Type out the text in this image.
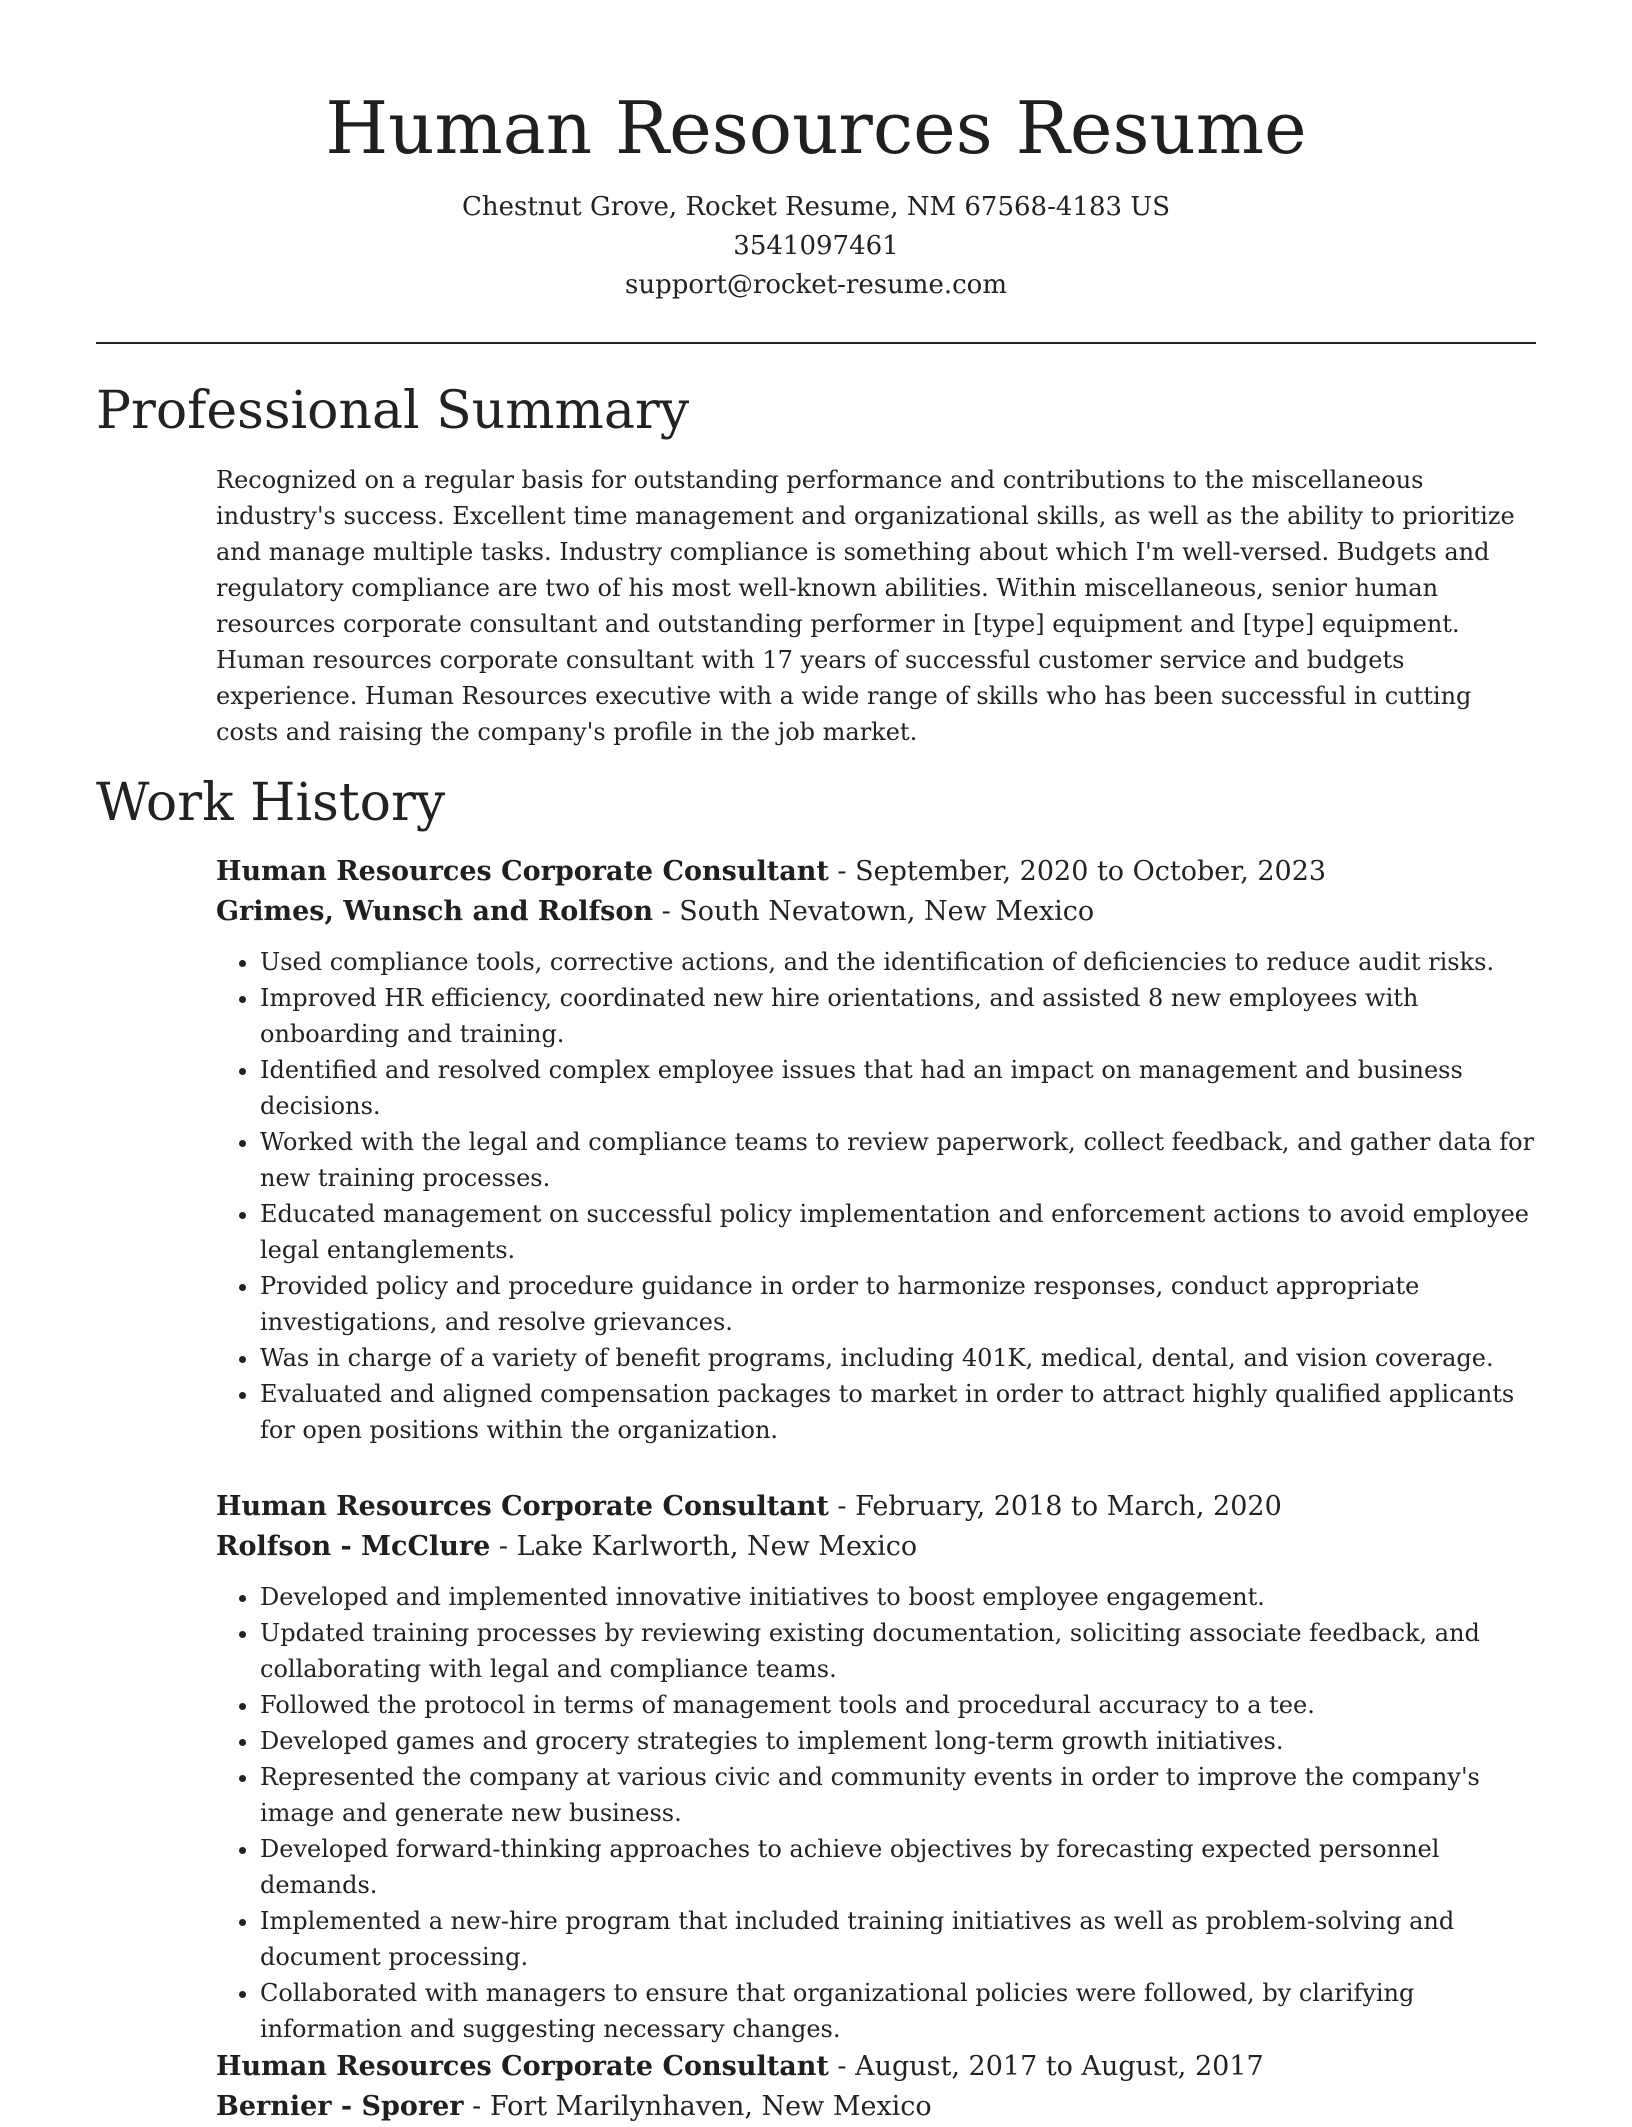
Human Resources Resume
Chestnut Grove, Rocket Resume, NM 67568-4183 US
3541097461
support@rocket-resume.com
Professional Summary

Recognized on a regular basis for outstanding performance and contributions to the miscellaneous industry's success. Excellent time management and organizational skills, as well as the ability to prioritize and manage multiple tasks. Industry compliance is something about which I'm well-versed. Budgets and regulatory compliance are two of his most well-known abilities. Within miscellaneous, senior human resources corporate consultant and outstanding performer in [type] equipment and [type] equipment. Human resources corporate consultant with 17 years of successful customer service and budgets experience. Human Resources executive with a wide range of skills who has been successful in cutting costs and raising the company's profile in the job market.

Work History
Human Resources Corporate Consultant - September, 2020 to October, 2023
Grimes, Wunsch and Rolfson - South Nevatown, New Mexico
• Used compliance tools, corrective actions, and the identification of deficiencies to reduce audit risks.
• Improved HR efficiency, coordinated new hire orientations, and assisted 8 new employees with onboarding and training.
• Identified and resolved complex employee issues that had an impact on management and business decisions.
• Worked with the legal and compliance teams to review paperwork, collect feedback, and gather data for new training processes.
• Educated management on successful policy implementation and enforcement actions to avoid employee legal entanglements.
• Provided policy and procedure guidance in order to harmonize responses, conduct appropriate investigations, and resolve grievances.
• Was in charge of a variety of benefit programs, including 401K, medical, dental, and vision coverage.
• Evaluated and aligned compensation packages to market in order to attract highly qualified applicants for open positions within the organization.
Human Resources Corporate Consultant - February, 2018 to March, 2020
Rolfson - McClure - Lake Karlworth, New Mexico
• Developed and implemented innovative initiatives to boost employee engagement.
• Updated training processes by reviewing existing documentation, soliciting associate feedback, and collaborating with legal and compliance teams.
• Followed the protocol in terms of management tools and procedural accuracy to a tee.
• Developed games and grocery strategies to implement long-term growth initiatives.
• Represented the company at various civic and community events in order to improve the company's image and generate new business.
• Developed forward-thinking approaches to achieve objectives by forecasting expected personnel demands.
• Implemented a new-hire program that included training initiatives as well as problem-solving and document processing.
• Collaborated with managers to ensure that organizational policies were followed, by clarifying information and suggesting necessary changes.
Human Resources Corporate Consultant - August, 2017 to August, 2017
Bernier - Sporer - Fort Marilynhaven, New Mexico
